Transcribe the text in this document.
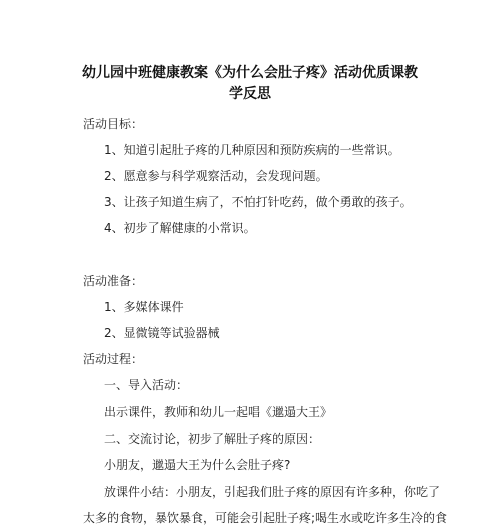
幼儿园中班健康教案《为什么会肚子疼》活动优质课教
学反思
活动目标：
1、知道引起肚子疼的几种原因和预防疾病的一些常识。
2、愿意参与科学观察活动，会发现问题。
3、让孩子知道生病了，不怕打针吃药，做个勇敢的孩子。
4、初步了解健康的小常识。
活动准备：
1、多媒体课件
2、显微镜等试验器械
活动过程：
一、导入活动：
出示课件，教师和幼儿一起唱《邋遢大王》
二、交流讨论，初步了解肚子疼的原因：
小朋友，邋遢大王为什么会肚子疼?
放课件小结：小朋友，引起我们肚子疼的原因有许多种，你吃了
太多的食物，暴饮暴食，可能会引起肚子疼;喝生水或吃许多生冷的食
